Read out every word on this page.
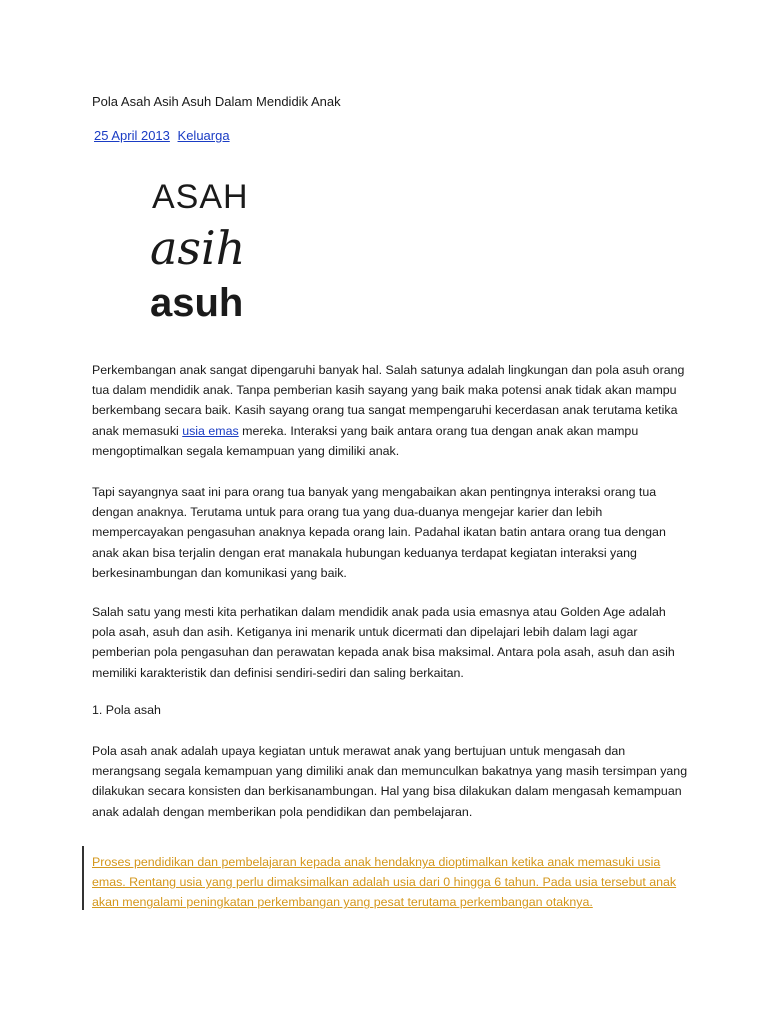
Pola Asah Asih Asuh Dalam Mendidik Anak
25 April 2013 Keluarga
ASAH
asih
asuh

Perkembangan anak sangat dipengaruhi banyak hal. Salah satunya adalah lingkungan dan pola asuh orang tua dalam mendidik anak. Tanpa pemberian kasih sayang yang baik maka potensi anak tidak akan mampu berkembang secara baik. Kasih sayang orang tua sangat mempengaruhi kecerdasan anak terutama ketika anak memasuki usia emas mereka. Interaksi yang baik antara orang tua dengan anak akan mampu mengoptimalkan segala kemampuan yang dimiliki anak.

Tapi sayangnya saat ini para orang tua banyak yang mengabaikan akan pentingnya interaksi orang tua dengan anaknya. Terutama untuk para orang tua yang dua-duanya mengejar karier dan lebih mempercayakan pengasuhan anaknya kepada orang lain. Padahal ikatan batin antara orang tua dengan anak akan bisa terjalin dengan erat manakala hubungan keduanya terdapat kegiatan interaksi yang berkesinambungan dan komunikasi yang baik.

Salah satu yang mesti kita perhatikan dalam mendidik anak pada usia emasnya atau Golden Age adalah pola asah, asuh dan asih. Ketiganya ini menarik untuk dicermati dan dipelajari lebih dalam lagi agar pemberian pola pengasuhan dan perawatan kepada anak bisa maksimal. Antara pola asah, asuh dan asih memiliki karakteristik dan definisi sendiri-sediri dan saling berkaitan.

1. Pola asah

Pola asah anak adalah upaya kegiatan untuk merawat anak yang bertujuan untuk mengasah dan merangsang segala kemampuan yang dimiliki anak dan memunculkan bakatnya yang masih tersimpan yang dilakukan secara konsisten dan berkisanambungan. Hal yang bisa dilakukan dalam mengasah kemampuan anak adalah dengan memberikan pola pendidikan dan pembelajaran.

Proses pendidikan dan pembelajaran kepada anak hendaknya dioptimalkan ketika anak memasuki usia emas. Rentang usia yang perlu dimaksimalkan adalah usia dari 0 hingga 6 tahun. Pada usia tersebut anak akan mengalami peningkatan perkembangan yang pesat terutama perkembangan otaknya.
